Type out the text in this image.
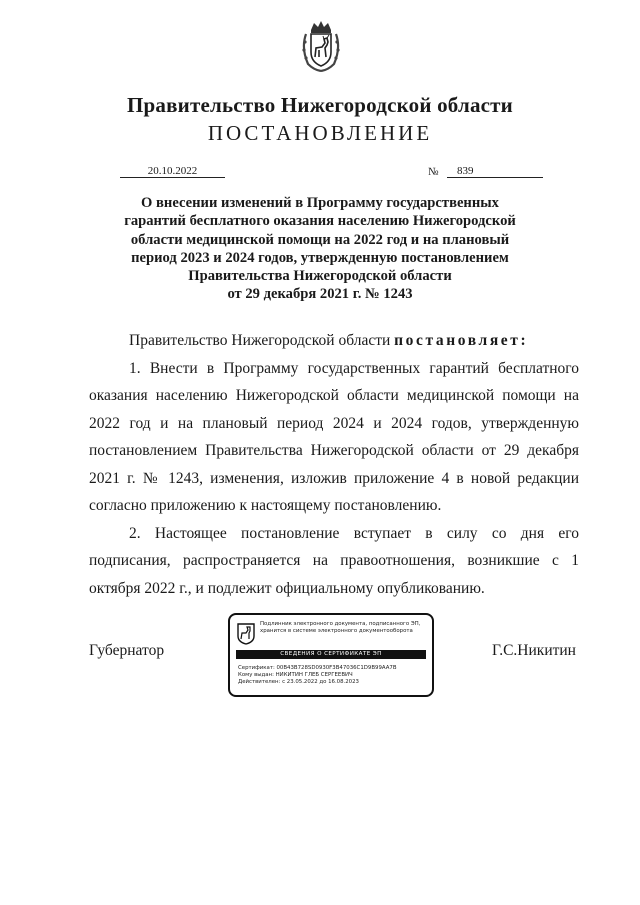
Правительство Нижегородской области
ПОСТАНОВЛЕНИЕ
20.10.2022	№	839
О внесении изменений в Программу государственных
гарантий бесплатного оказания населению Нижегородской
области медицинской помощи на 2022 год и на плановый
период 2023 и 2024 годов, утвержденную постановлением
Правительства Нижегородской области
от 29 декабря 2021 г. № 1243

Правительство Нижегородской области постановляет:

1. Внести в Программу государственных гарантий бесплатного оказания населению Нижегородской области медицинской помощи на 2022 год и на плановый период 2024 и 2024 годов, утвержденную постановлением Правительства Нижегородской области от 29 декабря 2021 г. № 1243, изменения, изложив приложение 4 в новой редакции согласно приложению к настоящему постановлению.

2. Настоящее постановление вступает в силу со дня его подписания, распространяется на правоотношения, возникшие с 1 октября 2022 г., и подлежит официальному опубликованию.

Губернатор
Подлинник электронного документа, подписанного ЭП,
хранится в системе электронного документооборота
СВЕДЕНИЯ О СЕРТИФИКАТЕ ЭП
Сертификат: 00B43B728SD0930F3B47036C1D9B99AA7B
Кому выдан: НИКИТИН ГЛЕБ СЕРГЕЕВИЧ
Действителен: с 23.05.2022 до 16.08.2023
Г.С.Никитин
